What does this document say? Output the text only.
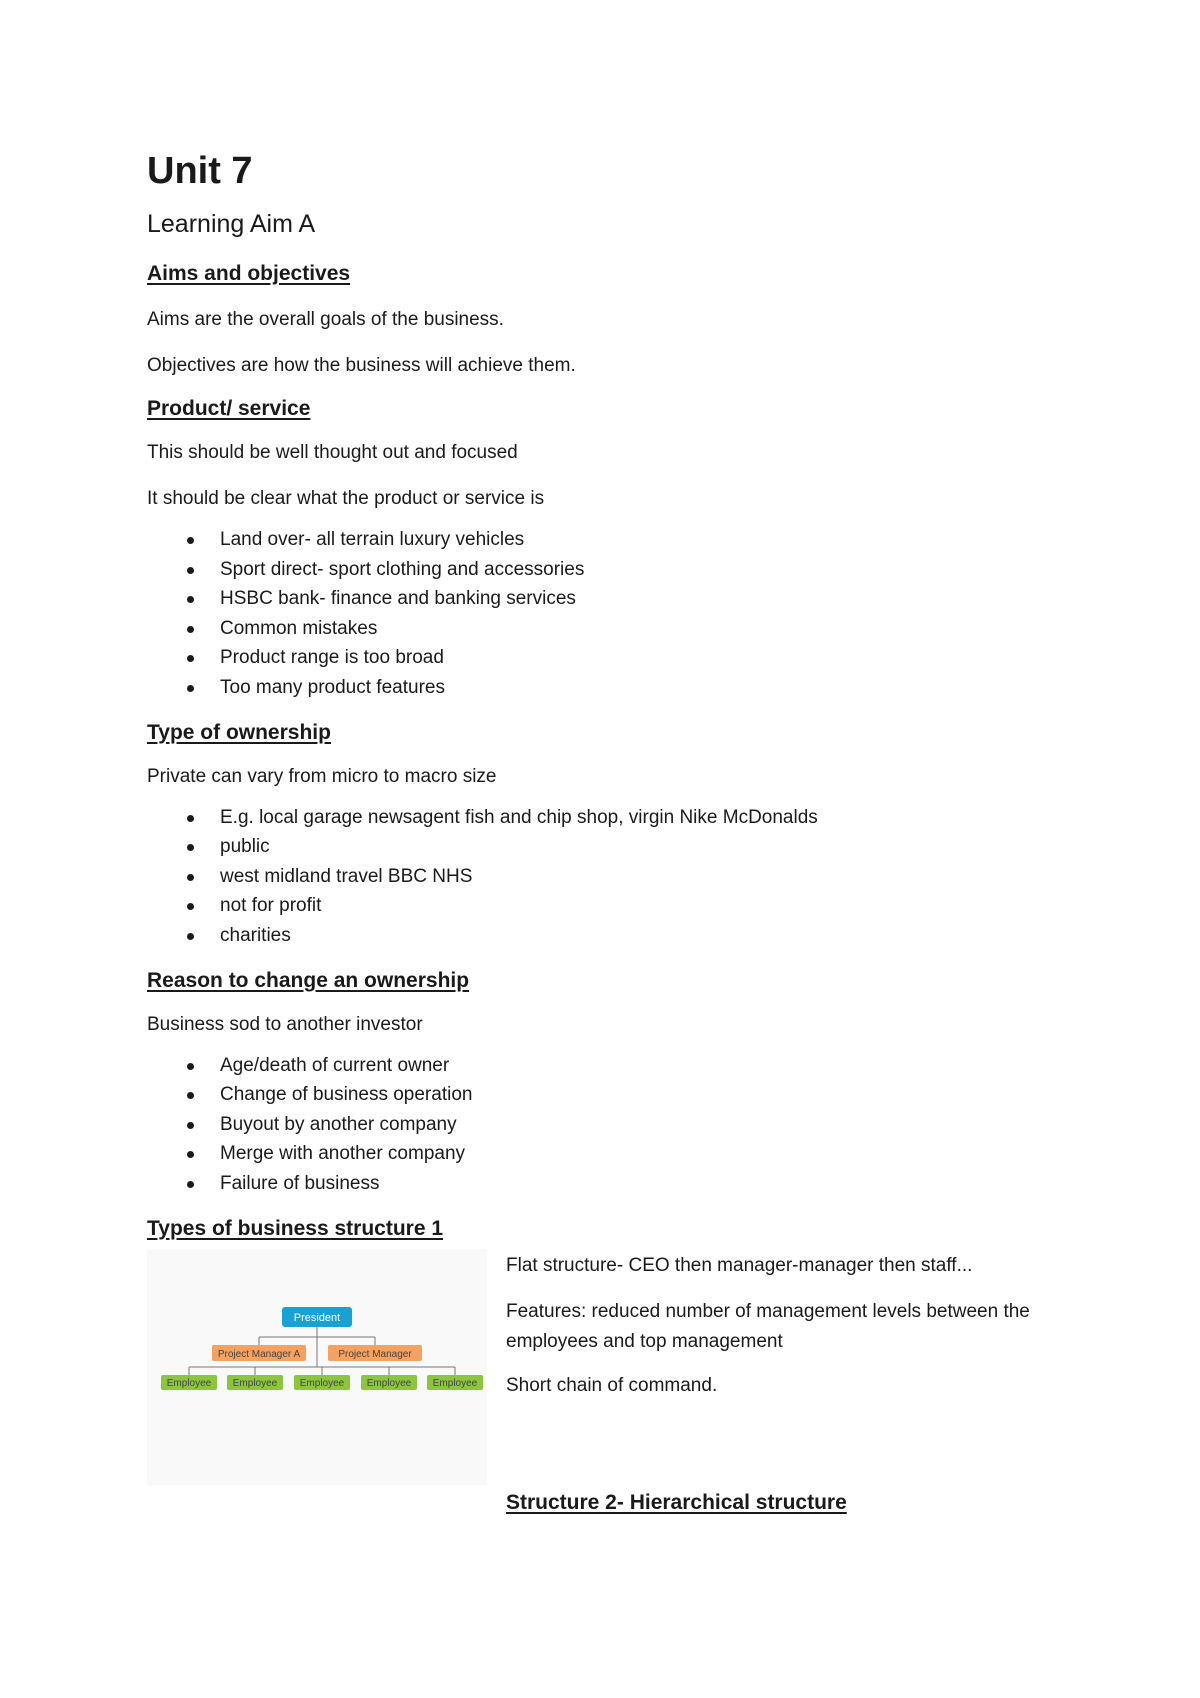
Unit 7
Learning Aim A
Aims and objectives

Aims are the overall goals of the business.

Objectives are how the business will achieve them.

Product/ service

This should be well thought out and focused

It should be clear what the product or service is

Land over- all terrain luxury vehicles
Sport direct- sport clothing and accessories
HSBC bank- finance and banking services
Common mistakes
Product range is too broad
Too many product features
Type of ownership

Private can vary from micro to macro size

E.g. local garage newsagent fish and chip shop, virgin Nike McDonalds
public
west midland travel BBC NHS
not for profit
charities
Reason to change an ownership

Business sod to another investor

Age/death of current owner
Change of business operation
Buyout by another company
Merge with another company
Failure of business
Types of business structure 1
President
Project Manager A	Project Manager
Employee Employee Employee Employee Employee

Flat structure- CEO then manager-manager then staff...

Features: reduced number of management levels between the employees and top management

Short chain of command.

Structure 2- Hierarchical structure
